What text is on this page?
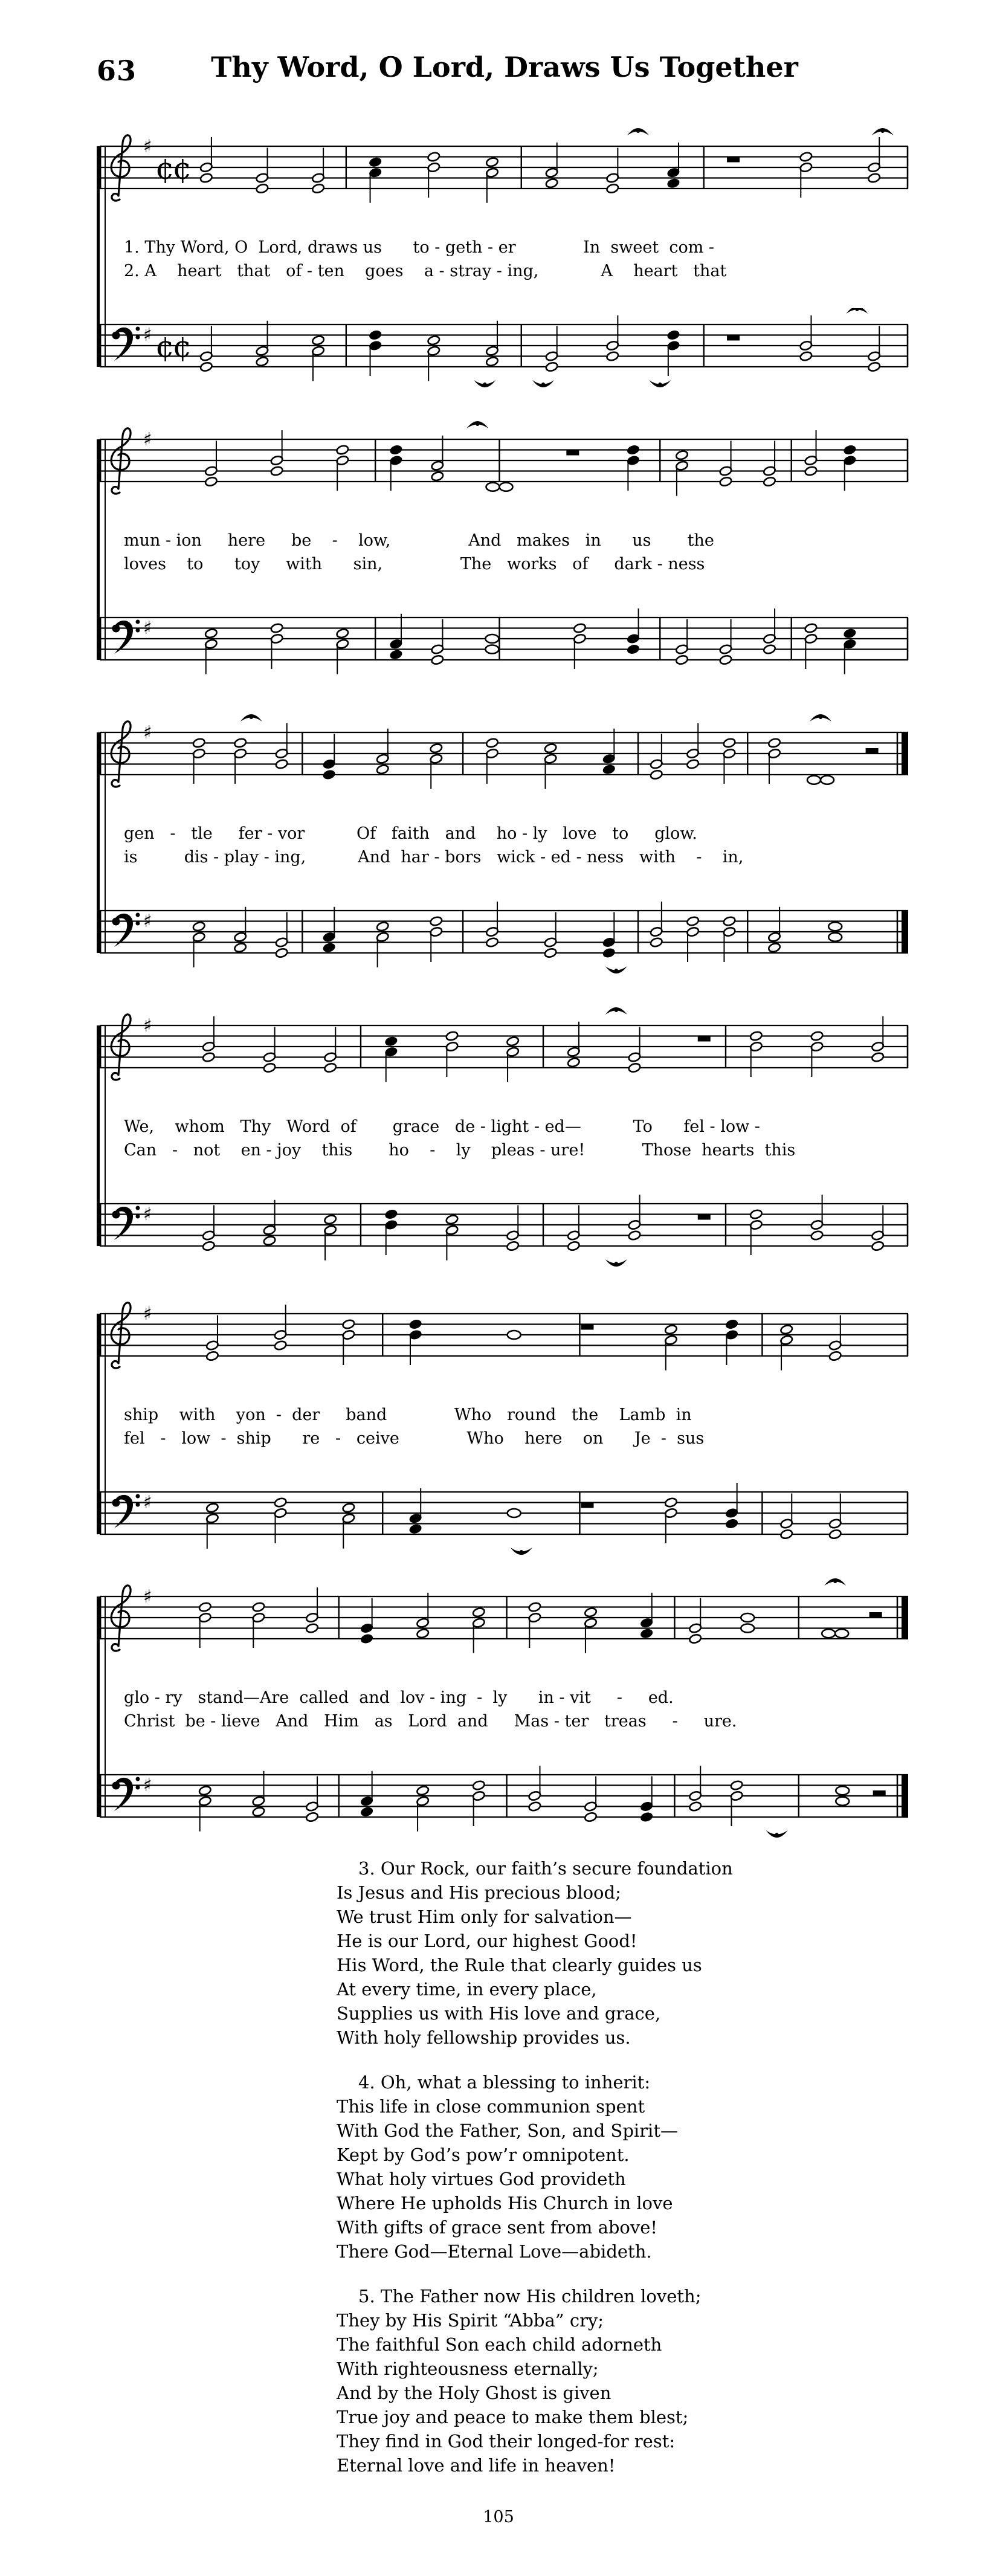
63	Thy Word, O Lord, Draws Us Together
♯
¢¢
♯ ¢¢
1. Thy Word, O  Lord, draws us      to - geth - er             In  sweet  com -
2. A    heart   that   of - ten    goes    a - stray - ing,            A    heart   that
♯
♯
mun - ion     here     be    -    low,               And   makes   in      us       the
loves    to      toy     with      sin,               The   works   of     dark - ness
♯
♯
gen   -   tle     fer - vor          Of   faith   and    ho - ly   love   to     glow.
is         dis - play - ing,          And  har - bors   wick - ed - ness   with    -    in,
♯
♯
We,    whom   Thy   Word  of       grace   de - light - ed—          To      fel - low -
Can   -   not    en - joy    this       ho    -    ly    pleas - ure!           Those  hearts  this
♯
♯
ship    with    yon  -  der     band             Who   round   the    Lamb  in
fel   -   low  -  ship      re   -   ceive             Who    here    on      Je  -  sus
♯
♯
glo - ry   stand—Are  called  and  lov - ing  -  ly      in - vit     -     ed.
Christ  be - lieve   And   Him   as   Lord  and     Mas - ter   treas     -     ure.
3. Our Rock, our faith’s secure foundation
Is Jesus and His precious blood;
We trust Him only for salvation—
He is our Lord, our highest Good!
His Word, the Rule that clearly guides us
At every time, in every place,
Supplies us with His love and grace,
With holy fellowship provides us.
4. Oh, what a blessing to inherit:
This life in close communion spent
With God the Father, Son, and Spirit—
Kept by God’s pow’r omnipotent.
What holy virtues God provideth
Where He upholds His Church in love
With gifts of grace sent from above!
There God—Eternal Love—abideth.
5. The Father now His children loveth;
They by His Spirit “Abba” cry;
The faithful Son each child adorneth
With righteousness eternally;
And by the Holy Ghost is given
True joy and peace to make them blest;
They find in God their longed-for rest:
Eternal love and life in heaven!
105
